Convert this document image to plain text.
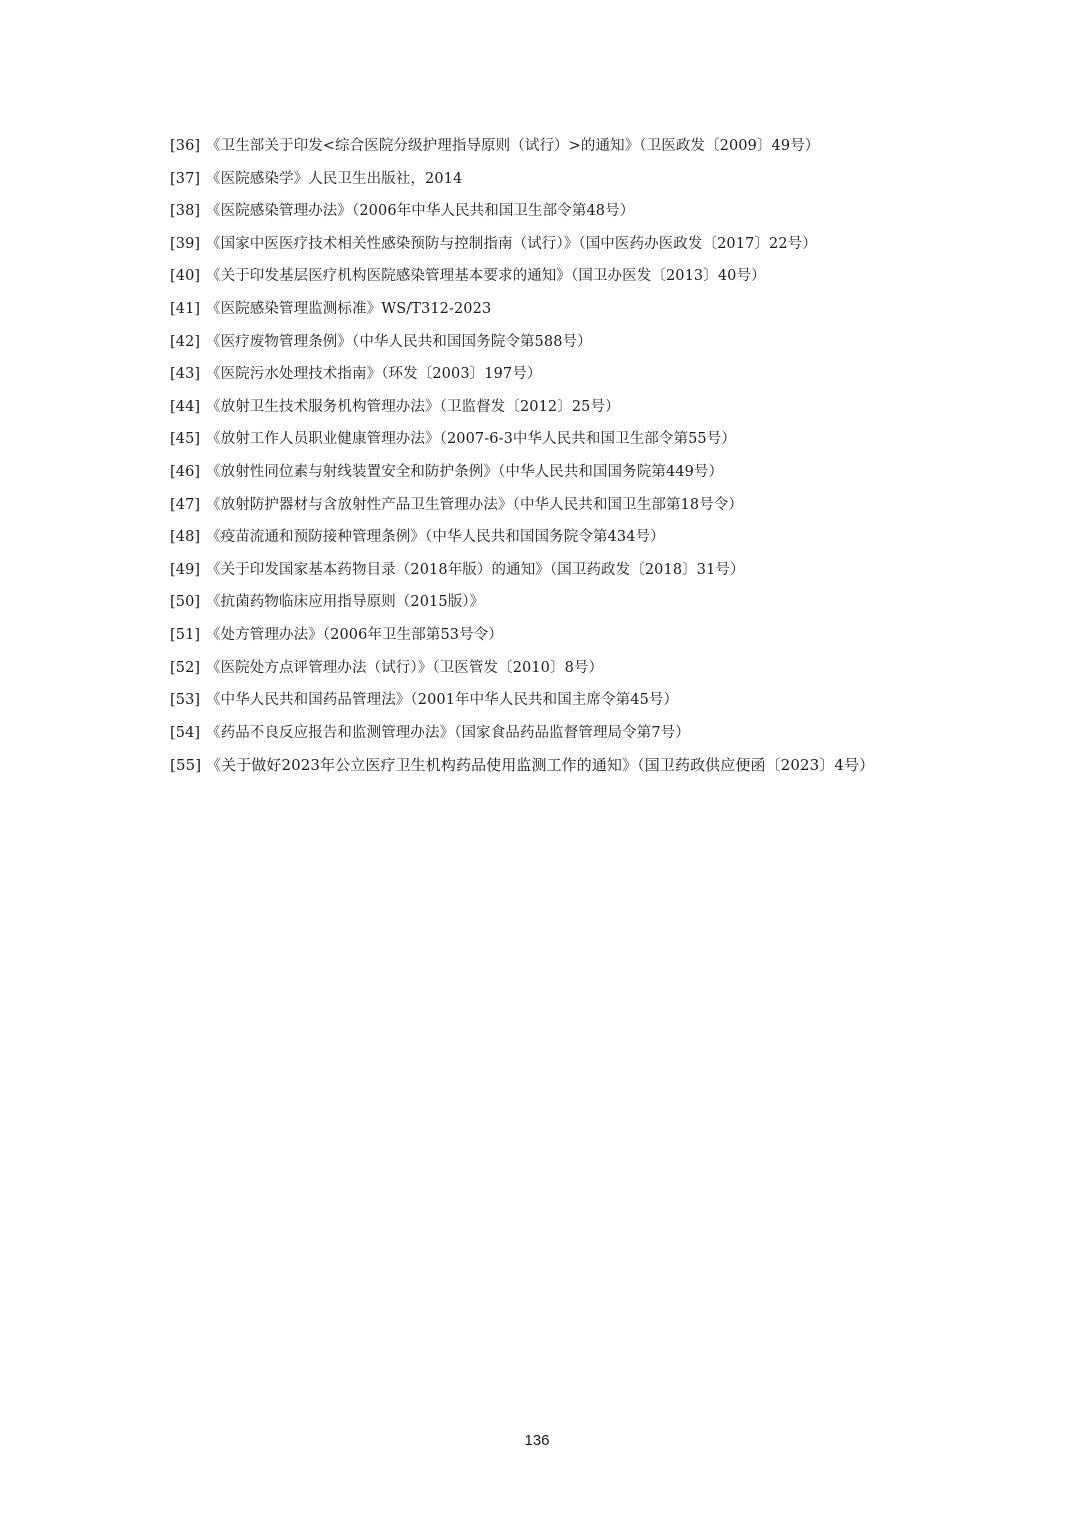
[36] 《卫生部关于印发<综合医院分级护理指导原则（试行）>的通知》（卫医政发〔2009〕49号）
[37] 《医院感染学》人民卫生出版社，2014
[38] 《医院感染管理办法》（2006年中华人民共和国卫生部令第48号）
[39] 《国家中医医疗技术相关性感染预防与控制指南（试行）》（国中医药办医政发〔2017〕22号）
[40] 《关于印发基层医疗机构医院感染管理基本要求的通知》（国卫办医发〔2013〕40号）
[41] 《医院感染管理监测标准》WS/T312-2023
[42] 《医疗废物管理条例》（中华人民共和国国务院令第588号）
[43] 《医院污水处理技术指南》（环发〔2003〕197号）
[44] 《放射卫生技术服务机构管理办法》（卫监督发〔2012〕25号）
[45] 《放射工作人员职业健康管理办法》（2007-6-3中华人民共和国卫生部令第55号）
[46] 《放射性同位素与射线装置安全和防护条例》（中华人民共和国国务院第449号）
[47] 《放射防护器材与含放射性产品卫生管理办法》（中华人民共和国卫生部第18号令）
[48] 《疫苗流通和预防接种管理条例》（中华人民共和国国务院令第434号）
[49] 《关于印发国家基本药物目录（2018年版）的通知》（国卫药政发〔2018〕31号）
[50] 《抗菌药物临床应用指导原则（2015版）》
[51] 《处方管理办法》（2006年卫生部第53号令）
[52] 《医院处方点评管理办法（试行）》（卫医管发〔2010〕8号）
[53] 《中华人民共和国药品管理法》（2001年中华人民共和国主席令第45号）
[54] 《药品不良反应报告和监测管理办法》（国家食品药品监督管理局令第7号）
[55] 《关于做好2023年公立医疗卫生机构药品使用监测工作的通知》（国卫药政供应便函〔2023〕4号）
136
